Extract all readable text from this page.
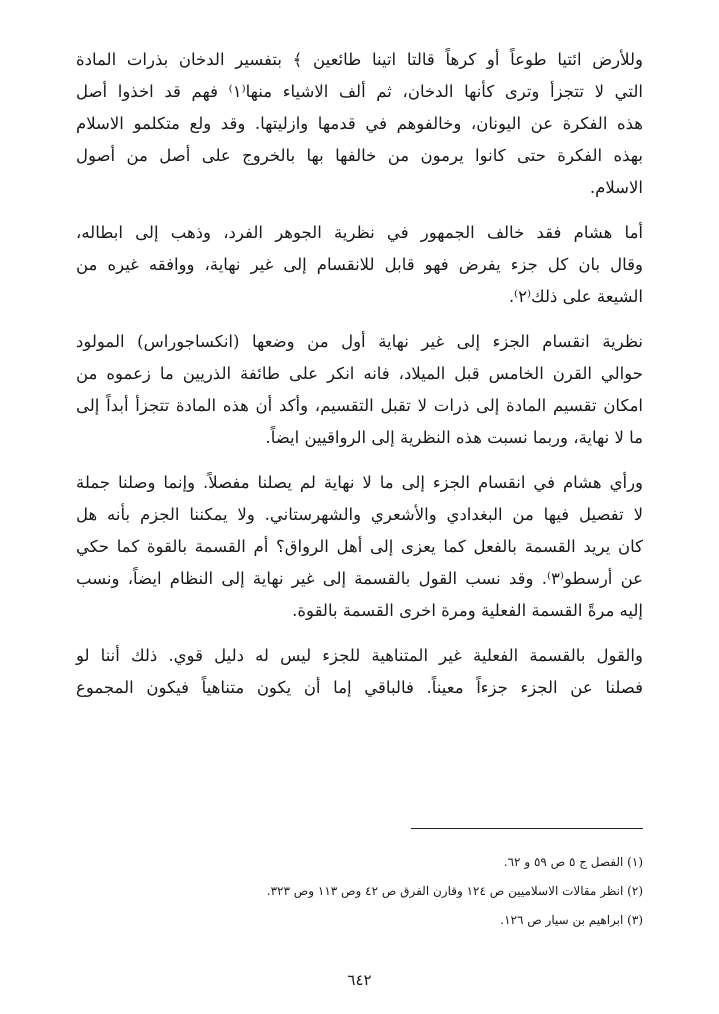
وللأرض ائتيا طوعاً أو كرهاً قالتا اتينا طائعين ﴾ بتفسير الدخان بذرات المادة
التي لا تتجزأ وترى كأنها الدخان، ثم ألف الاشياء منها⁽١⁾ فهم قد اخذوا أصل
هذه الفكرة عن اليونان، وخالفوهم في قدمها وازليتها. وقد ولع متكلمو الاسلام
بهذه الفكرة حتى كانوا يرمون من خالفها بها بالخروج على أصل من أصول
الاسلام.
أما هشام فقد خالف الجمهور في نظرية الجوهر الفرد، وذهب إلى ابطاله،
وقال بان كل جزء يفرض فهو قابل للانقسام إلى غير نهاية، ووافقه غيره من
الشيعة على ذلك⁽٢⁾.
نظرية انقسام الجزء إلى غير نهاية أول من وضعها (انكساجوراس) المولود
حوالي القرن الخامس قبل الميلاد، فانه انكر على طائفة الذريين ما زعموه من
امكان تقسيم المادة إلى ذرات لا تقبل التقسيم، وأكد أن هذه المادة تتجزأ أبداً إلى
ما لا نهاية، وربما نسبت هذه النظرية إلى الرواقيين ايضاً.
ورأي هشام في انقسام الجزء إلى ما لا نهاية لم يصلنا مفصلاً. وإنما وصلنا جملة
لا تفصيل فيها من البغدادي والأشعري والشهرستاني. ولا يمكننا الجزم بأنه هل
كان يريد القسمة بالفعل كما يعزى إلى أهل الرواق؟ أم القسمة بالقوة كما حكي
عن أرسطو⁽٣⁾. وقد نسب القول بالقسمة إلى غير نهاية إلى النظام ايضاً، ونسب
إليه مرةً القسمة الفعلية ومرة اخرى القسمة بالقوة.
والقول بالقسمة الفعلية غير المتناهية للجزء ليس له دليل قوي. ذلك أننا لو
فصلنا عن الجزء جزءاً معيناً. فالباقي إما أن يكون متناهياً فيكون المجموع
(١) الفصل ج ٥ ص ٥٩ و ٦٢.
(٢) انظر مقالات الاسلاميين ص ١٢٤ وقارن الفرق ص ٤٢ وص ١١٣ وص ٣٢٣.
(٣) ابراهيم بن سيار ص ١٢٦.
٦٤٢
